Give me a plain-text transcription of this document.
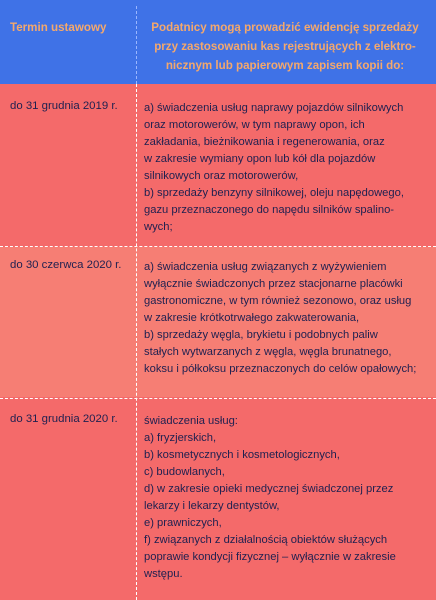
Termin ustawowy	Podatnicy mogą prowadzić ewidencję sprzedaży
przy zastosowaniu kas rejestrujących z elektro-
nicznym lub papierowym zapisem kopii do:
do 31 grudnia 2019 r. a) świadczenia usług naprawy pojazdów silnikowych
oraz motorowerów, w tym naprawy opon, ich
zakładania, bieżnikowania i regenerowania, oraz
w zakresie wymiany opon lub kół dla pojazdów
silnikowych oraz motorowerów,
b) sprzedaży benzyny silnikowej, oleju napędowego,
gazu przeznaczonego do napędu silników spalino-
wych;
do 30 czerwca 2020 r. a) świadczenia usług związanych z wyżywieniem
wyłącznie świadczonych przez stacjonarne placówki
gastronomiczne, w tym również sezonowo, oraz usług
w zakresie krótkotrwałego zakwaterowania,
b) sprzedaży węgla, brykietu i podobnych paliw
stałych wytwarzanych z węgla, węgla brunatnego,
koksu i półkoksu przeznaczonych do celów opałowych;
do 31 grudnia 2020 r. świadczenia usług:
a) fryzjerskich,
b) kosmetycznych i kosmetologicznych,
c) budowlanych,
d) w zakresie opieki medycznej świadczonej przez
lekarzy i lekarzy dentystów,
e) prawniczych,
f) związanych z działalnością obiektów służących
poprawie kondycji fizycznej – wyłącznie w zakresie
wstępu.
